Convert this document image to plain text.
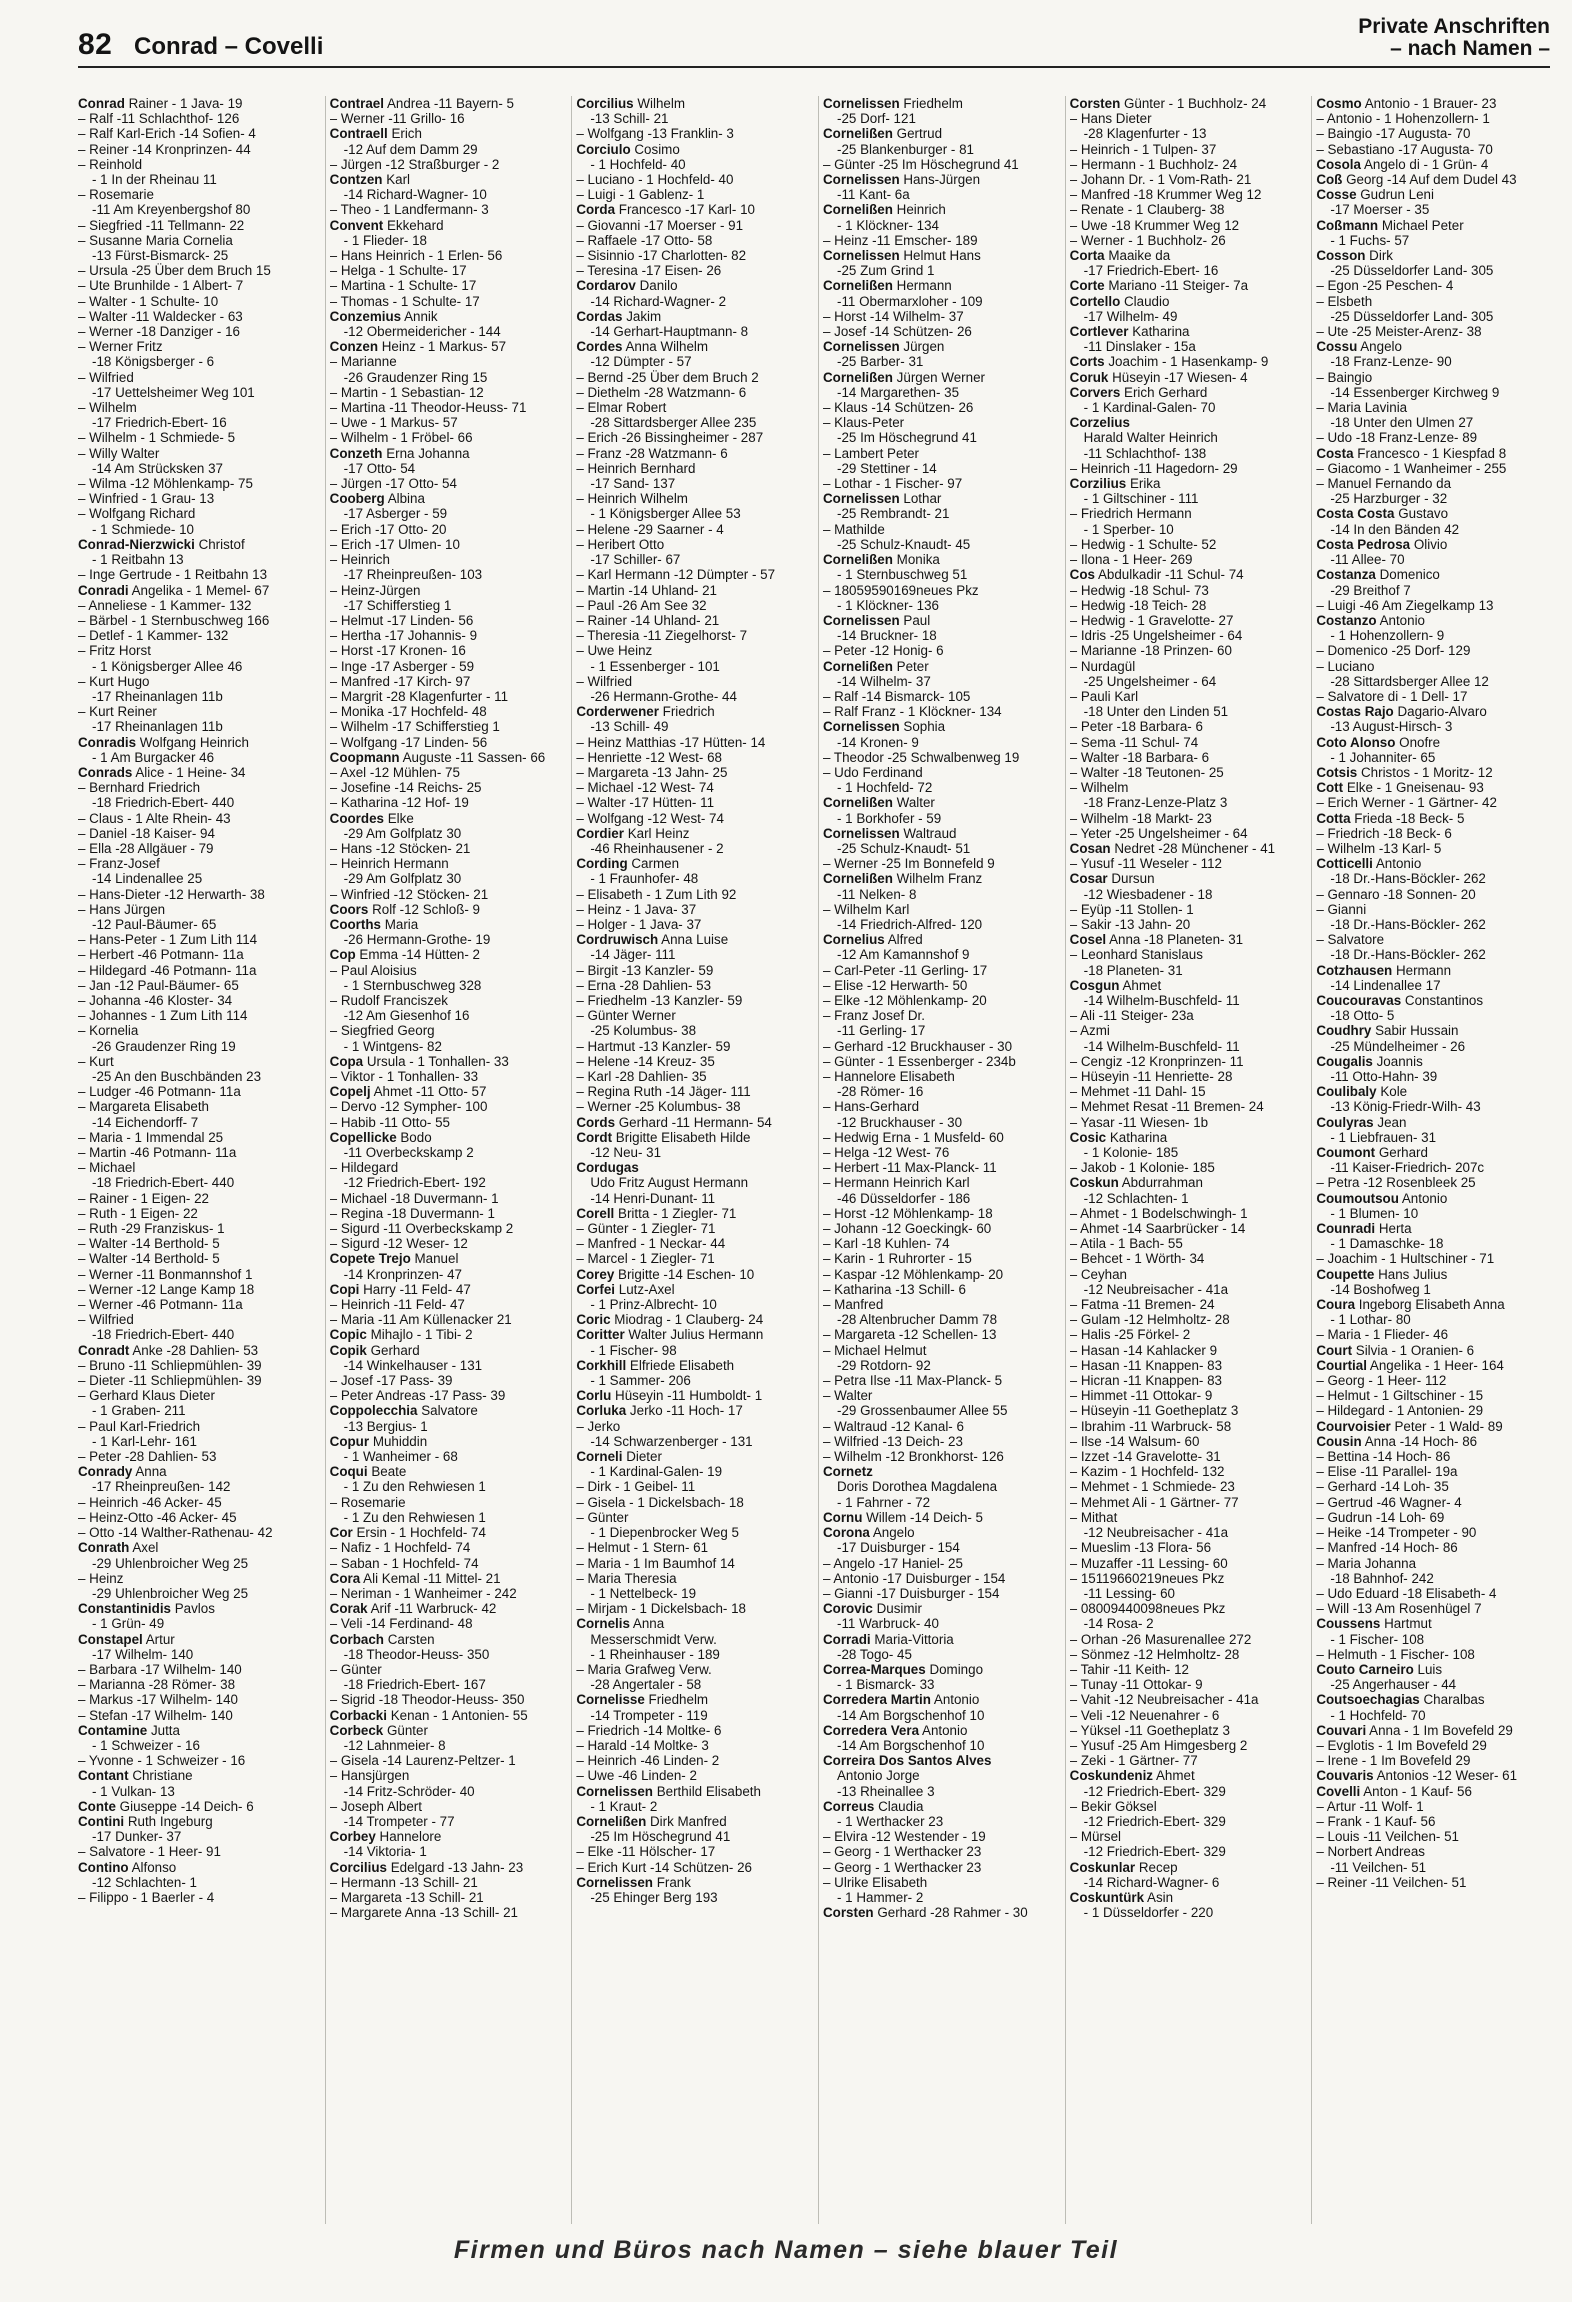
82 Conrad – Covelli
Private Anschriften
– nach Namen –
Conrad Rainer - 1 Java- 19
– Ralf -11 Schlachthof- 126
– Ralf Karl-Erich -14 Sofien- 4
– Reiner -14 Kronprinzen- 44
– Reinhold
- 1 In der Rheinau 11
– Rosemarie
-11 Am Kreyenbergshof 80
– Siegfried -11 Tellmann- 22
– Susanne Maria Cornelia
-13 Fürst-Bismarck- 25
– Ursula -25 Über dem Bruch 15
– Ute Brunhilde - 1 Albert- 7
– Walter - 1 Schulte- 10
– Walter -11 Waldecker - 63
– Werner -18 Danziger - 16
– Werner Fritz
-18 Königsberger - 6
– Wilfried
-17 Uettelsheimer Weg 101
– Wilhelm
-17 Friedrich-Ebert- 16
– Wilhelm - 1 Schmiede- 5
– Willy Walter
-14 Am Strücksken 37
– Wilma -12 Möhlenkamp- 75
– Winfried - 1 Grau- 13
– Wolfgang Richard
- 1 Schmiede- 10
Conrad-Nierzwicki Christof
- 1 Reitbahn 13
– Inge Gertrude - 1 Reitbahn 13
Conradi Angelika - 1 Memel- 67
– Anneliese - 1 Kammer- 132
– Bärbel - 1 Sternbuschweg 166
– Detlef - 1 Kammer- 132
– Fritz Horst
- 1 Königsberger Allee 46
– Kurt Hugo
-17 Rheinanlagen 11b
– Kurt Reiner
-17 Rheinanlagen 11b
Conradis Wolfgang Heinrich
- 1 Am Burgacker 46
Conrads Alice - 1 Heine- 34
– Bernhard Friedrich
-18 Friedrich-Ebert- 440
– Claus - 1 Alte Rhein- 43
– Daniel -18 Kaiser- 94
– Ella -28 Allgäuer - 79
– Franz-Josef
-14 Lindenallee 25
– Hans-Dieter -12 Herwarth- 38
– Hans Jürgen
-12 Paul-Bäumer- 65
– Hans-Peter - 1 Zum Lith 114
– Herbert -46 Potmann- 11a
– Hildegard -46 Potmann- 11a
– Jan -12 Paul-Bäumer- 65
– Johanna -46 Kloster- 34
– Johannes - 1 Zum Lith 114
– Kornelia
-26 Graudenzer Ring 19
– Kurt
-25 An den Buschbänden 23
– Ludger -46 Potmann- 11a
– Margareta Elisabeth
-14 Eichendorff- 7
– Maria - 1 Immendal 25
– Martin -46 Potmann- 11a
– Michael
-18 Friedrich-Ebert- 440
– Rainer - 1 Eigen- 22
– Ruth - 1 Eigen- 22
– Ruth -29 Franziskus- 1
– Walter -14 Berthold- 5
– Walter -14 Berthold- 5
– Werner -11 Bonmannshof 1
– Werner -12 Lange Kamp 18
– Werner -46 Potmann- 11a
– Wilfried
-18 Friedrich-Ebert- 440
Conradt Anke -28 Dahlien- 53
– Bruno -11 Schliepmühlen- 39
– Dieter -11 Schliepmühlen- 39
– Gerhard Klaus Dieter
- 1 Graben- 211
– Paul Karl-Friedrich
- 1 Karl-Lehr- 161
– Peter -28 Dahlien- 53
Conrady Anna
-17 Rheinpreußen- 142
– Heinrich -46 Acker- 45
– Heinz-Otto -46 Acker- 45
– Otto -14 Walther-Rathenau- 42
Conrath Axel
-29 Uhlenbroicher Weg 25
– Heinz
-29 Uhlenbroicher Weg 25
Constantinidis Pavlos
- 1 Grün- 49
Constapel Artur
-17 Wilhelm- 140
– Barbara -17 Wilhelm- 140
– Marianna -28 Römer- 38
– Markus -17 Wilhelm- 140
– Stefan -17 Wilhelm- 140
Contamine Jutta
- 1 Schweizer - 16
– Yvonne - 1 Schweizer - 16
Contant Christiane
- 1 Vulkan- 13
Conte Giuseppe -14 Deich- 6
Contini Ruth Ingeburg
-17 Dunker- 37
– Salvatore - 1 Heer- 91
Contino Alfonso
-12 Schlachten- 1
– Filippo - 1 Baerler - 4
Contrael Andrea -11 Bayern- 5
– Werner -11 Grillo- 16
Contraell Erich
-12 Auf dem Damm 29
– Jürgen -12 Straßburger - 2
Contzen Karl
-14 Richard-Wagner- 10
– Theo - 1 Landfermann- 3
Convent Ekkehard
- 1 Flieder- 18
– Hans Heinrich - 1 Erlen- 56
– Helga - 1 Schulte- 17
– Martina - 1 Schulte- 17
– Thomas - 1 Schulte- 17
Conzemius Annik
-12 Obermeidericher - 144
Conzen Heinz - 1 Markus- 57
– Marianne
-26 Graudenzer Ring 15
– Martin - 1 Sebastian- 12
– Martina -11 Theodor-Heuss- 71
– Uwe - 1 Markus- 57
– Wilhelm - 1 Fröbel- 66
Conzeth Erna Johanna
-17 Otto- 54
– Jürgen -17 Otto- 54
Cooberg Albina
-17 Asberger - 59
– Erich -17 Otto- 20
– Erich -17 Ulmen- 10
– Heinrich
-17 Rheinpreußen- 103
– Heinz-Jürgen
-17 Schifferstieg 1
– Helmut -17 Linden- 56
– Hertha -17 Johannis- 9
– Horst -17 Kronen- 16
– Inge -17 Asberger - 59
– Manfred -17 Kirch- 97
– Margrit -28 Klagenfurter - 11
– Monika -17 Hochfeld- 48
– Wilhelm -17 Schifferstieg 1
– Wolfgang -17 Linden- 56
Coopmann Auguste -11 Sassen- 66
– Axel -12 Mühlen- 75
– Josefine -14 Reichs- 25
– Katharina -12 Hof- 19
Coordes Elke
-29 Am Golfplatz 30
– Hans -12 Stöcken- 21
– Heinrich Hermann
-29 Am Golfplatz 30
– Winfried -12 Stöcken- 21
Coors Rolf -12 Schloß- 9
Coorths Maria
-26 Hermann-Grothe- 19
Cop Emma -14 Hütten- 2
– Paul Aloisius
- 1 Sternbuschweg 328
– Rudolf Franciszek
-12 Am Giesenhof 16
– Siegfried Georg
- 1 Wintgens- 82
Copa Ursula - 1 Tonhallen- 33
– Viktor - 1 Tonhallen- 33
Copelj Ahmet -11 Otto- 57
– Dervo -12 Sympher- 100
– Habib -11 Otto- 55
Copellicke Bodo
-11 Overbeckskamp 2
– Hildegard
-12 Friedrich-Ebert- 192
– Michael -18 Duvermann- 1
– Regina -18 Duvermann- 1
– Sigurd -11 Overbeckskamp 2
– Sigurd -12 Weser- 12
Copete Trejo Manuel
-14 Kronprinzen- 47
Copi Harry -11 Feld- 47
– Heinrich -11 Feld- 47
– Maria -11 Am Küllenacker 21
Copic Mihajlo - 1 Tibi- 2
Copik Gerhard
-14 Winkelhauser - 131
– Josef -17 Pass- 39
– Peter Andreas -17 Pass- 39
Coppolecchia Salvatore
-13 Bergius- 1
Copur Muhiddin
- 1 Wanheimer - 68
Coqui Beate
- 1 Zu den Rehwiesen 1
– Rosemarie
- 1 Zu den Rehwiesen 1
Cor Ersin - 1 Hochfeld- 74
– Nafiz - 1 Hochfeld- 74
– Saban - 1 Hochfeld- 74
Cora Ali Kemal -11 Mittel- 21
– Neriman - 1 Wanheimer - 242
Corak Arif -11 Warbruck- 42
– Veli -14 Ferdinand- 48
Corbach Carsten
-18 Theodor-Heuss- 350
– Günter
-18 Friedrich-Ebert- 167
– Sigrid -18 Theodor-Heuss- 350
Corbacki Kenan - 1 Antonien- 55
Corbeck Günter
-12 Lahnmeier- 8
– Gisela -14 Laurenz-Peltzer- 1
– Hansjürgen
-14 Fritz-Schröder- 40
– Joseph Albert
-14 Trompeter - 77
Corbey Hannelore
-14 Viktoria- 1
Corcilius Edelgard -13 Jahn- 23
– Hermann -13 Schill- 21
– Margareta -13 Schill- 21
– Margarete Anna -13 Schill- 21
Corcilius Wilhelm
-13 Schill- 21
– Wolfgang -13 Franklin- 3
Corciulo Cosimo
- 1 Hochfeld- 40
– Luciano - 1 Hochfeld- 40
– Luigi - 1 Gablenz- 1
Corda Francesco -17 Karl- 10
– Giovanni -17 Moerser - 91
– Raffaele -17 Otto- 58
– Sisinnio -17 Charlotten- 82
– Teresina -17 Eisen- 26
Cordarov Danilo
-14 Richard-Wagner- 2
Cordas Jakim
-14 Gerhart-Hauptmann- 8
Cordes Anna Wilhelm
-12 Dümpter - 57
– Bernd -25 Über dem Bruch 2
– Diethelm -28 Watzmann- 6
– Elmar Robert
-28 Sittardsberger Allee 235
– Erich -26 Bissingheimer - 287
– Franz -28 Watzmann- 6
– Heinrich Bernhard
-17 Sand- 137
– Heinrich Wilhelm
- 1 Königsberger Allee 53
– Helene -29 Saarner - 4
– Heribert Otto
-17 Schiller- 67
– Karl Hermann -12 Dümpter - 57
– Martin -14 Uhland- 21
– Paul -26 Am See 32
– Rainer -14 Uhland- 21
– Theresia -11 Ziegelhorst- 7
– Uwe Heinz
- 1 Essenberger - 101
– Wilfried
-26 Hermann-Grothe- 44
Corderwener Friedrich
-13 Schill- 49
– Heinz Matthias -17 Hütten- 14
– Henriette -12 West- 68
– Margareta -13 Jahn- 25
– Michael -12 West- 74
– Walter -17 Hütten- 11
– Wolfgang -12 West- 74
Cordier Karl Heinz
-46 Rheinhausener - 2
Cording Carmen
- 1 Fraunhofer- 48
– Elisabeth - 1 Zum Lith 92
– Heinz - 1 Java- 37
– Holger - 1 Java- 37
Cordruwisch Anna Luise
-14 Jäger- 111
– Birgit -13 Kanzler- 59
– Erna -28 Dahlien- 53
– Friedhelm -13 Kanzler- 59
– Günter Werner
-25 Kolumbus- 38
– Hartmut -13 Kanzler- 59
– Helene -14 Kreuz- 35
– Karl -28 Dahlien- 35
– Regina Ruth -14 Jäger- 111
– Werner -25 Kolumbus- 38
Cords Gerhard -11 Hermann- 54
Cordt Brigitte Elisabeth Hilde
-12 Neu- 31
Cordugas
Udo Fritz August Hermann
-14 Henri-Dunant- 11
Corell Britta - 1 Ziegler- 71
– Günter - 1 Ziegler- 71
– Manfred - 1 Neckar- 44
– Marcel - 1 Ziegler- 71
Corey Brigitte -14 Eschen- 10
Corfei Lutz-Axel
- 1 Prinz-Albrecht- 10
Coric Miodrag - 1 Clauberg- 24
Coritter Walter Julius Hermann
- 1 Fischer- 98
Corkhill Elfriede Elisabeth
- 1 Sammer- 206
Corlu Hüseyin -11 Humboldt- 1
Corluka Jerko -11 Hoch- 17
– Jerko
-14 Schwarzenberger - 131
Corneli Dieter
- 1 Kardinal-Galen- 19
– Dirk - 1 Geibel- 11
– Gisela - 1 Dickelsbach- 18
– Günter
- 1 Diepenbrocker Weg 5
– Helmut - 1 Stern- 61
– Maria - 1 Im Baumhof 14
– Maria Theresia
- 1 Nettelbeck- 19
– Mirjam - 1 Dickelsbach- 18
Cornelis Anna
Messerschmidt Verw.
- 1 Rheinhauser - 189
– Maria Grafweg Verw.
-28 Angertaler - 58
Cornelisse Friedhelm
-14 Trompeter - 119
– Friedrich -14 Moltke- 6
– Harald -14 Moltke- 3
– Heinrich -46 Linden- 2
– Uwe -46 Linden- 2
Cornelissen Berthild Elisabeth
- 1 Kraut- 2
Cornelißen Dirk Manfred
-25 Im Höschegrund 41
– Elke -11 Hölscher- 17
– Erich Kurt -14 Schützen- 26
Cornelissen Frank
-25 Ehinger Berg 193
Cornelissen Friedhelm
-25 Dorf- 121
Cornelißen Gertrud
-25 Blankenburger - 81
– Günter -25 Im Höschegrund 41
Cornelissen Hans-Jürgen
-11 Kant- 6a
Cornelißen Heinrich
- 1 Klöckner- 134
– Heinz -11 Emscher- 189
Cornelissen Helmut Hans
-25 Zum Grind 1
Cornelißen Hermann
-11 Obermarxloher - 109
– Horst -14 Wilhelm- 37
– Josef -14 Schützen- 26
Cornelissen Jürgen
-25 Barber- 31
Cornelißen Jürgen Werner
-14 Margarethen- 35
– Klaus -14 Schützen- 26
– Klaus-Peter
-25 Im Höschegrund 41
– Lambert Peter
-29 Stettiner - 14
– Lothar - 1 Fischer- 97
Cornelissen Lothar
-25 Rembrandt- 21
– Mathilde
-25 Schulz-Knaudt- 45
Cornelißen Monika
- 1 Sternbuschweg 51
– 18059590169neues Pkz
- 1 Klöckner- 136
Cornelissen Paul
-14 Bruckner- 18
– Peter -12 Honig- 6
Cornelißen Peter
-14 Wilhelm- 37
– Ralf -14 Bismarck- 105
– Ralf Franz - 1 Klöckner- 134
Cornelissen Sophia
-14 Kronen- 9
– Theodor -25 Schwalbenweg 19
– Udo Ferdinand
- 1 Hochfeld- 72
Cornelißen Walter
- 1 Borkhofer - 59
Cornelissen Waltraud
-25 Schulz-Knaudt- 51
– Werner -25 Im Bonnefeld 9
Cornelißen Wilhelm Franz
-11 Nelken- 8
– Wilhelm Karl
-14 Friedrich-Alfred- 120
Cornelius Alfred
-12 Am Kamannshof 9
– Carl-Peter -11 Gerling- 17
– Elise -12 Herwarth- 50
– Elke -12 Möhlenkamp- 20
– Franz Josef Dr.
-11 Gerling- 17
– Gerhard -12 Bruckhauser - 30
– Günter - 1 Essenberger - 234b
– Hannelore Elisabeth
-28 Römer- 16
– Hans-Gerhard
-12 Bruckhauser - 30
– Hedwig Erna - 1 Musfeld- 60
– Helga -12 West- 76
– Herbert -11 Max-Planck- 11
– Hermann Heinrich Karl
-46 Düsseldorfer - 186
– Horst -12 Möhlenkamp- 18
– Johann -12 Goeckingk- 60
– Karl -18 Kuhlen- 74
– Karin - 1 Ruhrorter - 15
– Kaspar -12 Möhlenkamp- 20
– Katharina -13 Schill- 6
– Manfred
-28 Altenbrucher Damm 78
– Margareta -12 Schellen- 13
– Michael Helmut
-29 Rotdorn- 92
– Petra Ilse -11 Max-Planck- 5
– Walter
-29 Grossenbaumer Allee 55
– Waltraud -12 Kanal- 6
– Wilfried -13 Deich- 23
– Wilhelm -12 Bronkhorst- 126
Cornetz
Doris Dorothea Magdalena
- 1 Fahrner - 72
Cornu Willem -14 Deich- 5
Corona Angelo
-17 Duisburger - 154
– Angelo -17 Haniel- 25
– Antonio -17 Duisburger - 154
– Gianni -17 Duisburger - 154
Corovic Dusimir
-11 Warbruck- 40
Corradi Maria-Vittoria
-28 Togo- 45
Correa-Marques Domingo
- 1 Bismarck- 33
Corredera Martin Antonio
-14 Am Borgschenhof 10
Corredera Vera Antonio
-14 Am Borgschenhof 10
Correira Dos Santos Alves
Antonio Jorge
-13 Rheinallee 3
Correus Claudia
- 1 Werthacker 23
– Elvira -12 Westender - 19
– Georg - 1 Werthacker 23
– Georg - 1 Werthacker 23
– Ulrike Elisabeth
- 1 Hammer- 2
Corsten Gerhard -28 Rahmer - 30
Corsten Günter - 1 Buchholz- 24
– Hans Dieter
-28 Klagenfurter - 13
– Heinrich - 1 Tulpen- 37
– Hermann - 1 Buchholz- 24
– Johann Dr. - 1 Vom-Rath- 21
– Manfred -18 Krummer Weg 12
– Renate - 1 Clauberg- 38
– Uwe -18 Krummer Weg 12
– Werner - 1 Buchholz- 26
Corta Maaike da
-17 Friedrich-Ebert- 16
Corte Mariano -11 Steiger- 7a
Cortello Claudio
-17 Wilhelm- 49
Cortlever Katharina
-11 Dinslaker - 15a
Corts Joachim - 1 Hasenkamp- 9
Coruk Hüseyin -17 Wiesen- 4
Corvers Erich Gerhard
- 1 Kardinal-Galen- 70
Corzelius
Harald Walter Heinrich
-11 Schlachthof- 138
– Heinrich -11 Hagedorn- 29
Corzilius Erika
- 1 Giltschiner - 111
– Friedrich Hermann
- 1 Sperber- 10
– Hedwig - 1 Schulte- 52
– Ilona - 1 Heer- 269
Cos Abdulkadir -11 Schul- 74
– Hedwig -18 Schul- 73
– Hedwig -18 Teich- 28
– Hedwig - 1 Gravelotte- 27
– Idris -25 Ungelsheimer - 64
– Marianne -18 Prinzen- 60
– Nurdagül
-25 Ungelsheimer - 64
– Pauli Karl
-18 Unter den Linden 51
– Peter -18 Barbara- 6
– Sema -11 Schul- 74
– Walter -18 Barbara- 6
– Walter -18 Teutonen- 25
– Wilhelm
-18 Franz-Lenze-Platz 3
– Wilhelm -18 Markt- 23
– Yeter -25 Ungelsheimer - 64
Cosan Nedret -28 Münchener - 41
– Yusuf -11 Weseler - 112
Cosar Dursun
-12 Wiesbadener - 18
– Eyüp -11 Stollen- 1
– Sakir -13 Jahn- 20
Cosel Anna -18 Planeten- 31
– Leonhard Stanislaus
-18 Planeten- 31
Cosgun Ahmet
-14 Wilhelm-Buschfeld- 11
– Ali -11 Steiger- 23a
– Azmi
-14 Wilhelm-Buschfeld- 11
– Cengiz -12 Kronprinzen- 11
– Hüseyin -11 Henriette- 28
– Mehmet -11 Dahl- 15
– Mehmet Resat -11 Bremen- 24
– Yasar -11 Wiesen- 1b
Cosic Katharina
- 1 Kolonie- 185
– Jakob - 1 Kolonie- 185
Coskun Abdurrahman
-12 Schlachten- 1
– Ahmet - 1 Bodelschwingh- 1
– Ahmet -14 Saarbrücker - 14
– Atila - 1 Bach- 55
– Behcet - 1 Wörth- 34
– Ceyhan
-12 Neubreisacher - 41a
– Fatma -11 Bremen- 24
– Gulam -12 Helmholtz- 28
– Halis -25 Förkel- 2
– Hasan -14 Kahlacker 9
– Hasan -11 Knappen- 83
– Hicran -11 Knappen- 83
– Himmet -11 Ottokar- 9
– Hüseyin -11 Goetheplatz 3
– Ibrahim -11 Warbruck- 58
– Ilse -14 Walsum- 60
– Izzet -14 Gravelotte- 31
– Kazim - 1 Hochfeld- 132
– Mehmet - 1 Schmiede- 23
– Mehmet Ali - 1 Gärtner- 77
– Mithat
-12 Neubreisacher - 41a
– Mueslim -13 Flora- 56
– Muzaffer -11 Lessing- 60
– 15119660219neues Pkz
-11 Lessing- 60
– 08009440098neues Pkz
-14 Rosa- 2
– Orhan -26 Masurenallee 272
– Sönmez -12 Helmholtz- 28
– Tahir -11 Keith- 12
– Tunay -11 Ottokar- 9
– Vahit -12 Neubreisacher - 41a
– Veli -12 Neuenahrer - 6
– Yüksel -11 Goetheplatz 3
– Yusuf -25 Am Himgesberg 2
– Zeki - 1 Gärtner- 77
Coskundeniz Ahmet
-12 Friedrich-Ebert- 329
– Bekir Göksel
-12 Friedrich-Ebert- 329
– Mürsel
-12 Friedrich-Ebert- 329
Coskunlar Recep
-14 Richard-Wagner- 6
Coskuntürk Asin
- 1 Düsseldorfer - 220
Cosmo Antonio - 1 Brauer- 23
– Antonio - 1 Hohenzollern- 1
– Baingio -17 Augusta- 70
– Sebastiano -17 Augusta- 70
Cosola Angelo di - 1 Grün- 4
Coß Georg -14 Auf dem Dudel 43
Cosse Gudrun Leni
-17 Moerser - 35
Coßmann Michael Peter
- 1 Fuchs- 57
Cosson Dirk
-25 Düsseldorfer Land- 305
– Egon -25 Peschen- 4
– Elsbeth
-25 Düsseldorfer Land- 305
– Ute -25 Meister-Arenz- 38
Cossu Angelo
-18 Franz-Lenze- 90
– Baingio
-14 Essenberger Kirchweg 9
– Maria Lavinia
-18 Unter den Ulmen 27
– Udo -18 Franz-Lenze- 89
Costa Francesco - 1 Kiespfad 8
– Giacomo - 1 Wanheimer - 255
– Manuel Fernando da
-25 Harzburger - 32
Costa Costa Gustavo
-14 In den Bänden 42
Costa Pedrosa Olivio
-11 Allee- 70
Costanza Domenico
-29 Breithof 7
– Luigi -46 Am Ziegelkamp 13
Costanzo Antonio
- 1 Hohenzollern- 9
– Domenico -25 Dorf- 129
– Luciano
-28 Sittardsberger Allee 12
– Salvatore di - 1 Dell- 17
Costas Rajo Dagario-Alvaro
-13 August-Hirsch- 3
Coto Alonso Onofre
- 1 Johanniter- 65
Cotsis Christos - 1 Moritz- 12
Cott Elke - 1 Gneisenau- 93
– Erich Werner - 1 Gärtner- 42
Cotta Frieda -18 Beck- 5
– Friedrich -18 Beck- 6
– Wilhelm -13 Karl- 5
Cotticelli Antonio
-18 Dr.-Hans-Böckler- 262
– Gennaro -18 Sonnen- 20
– Gianni
-18 Dr.-Hans-Böckler- 262
– Salvatore
-18 Dr.-Hans-Böckler- 262
Cotzhausen Hermann
-14 Lindenallee 17
Coucouravas Constantinos
-18 Otto- 5
Coudhry Sabir Hussain
-25 Mündelheimer - 26
Cougalis Joannis
-11 Otto-Hahn- 39
Coulibaly Kole
-13 König-Friedr-Wilh- 43
Coulyras Jean
- 1 Liebfrauen- 31
Coumont Gerhard
-11 Kaiser-Friedrich- 207c
– Petra -12 Rosenbleek 25
Coumoutsou Antonio
- 1 Blumen- 10
Counradi Herta
- 1 Damaschke- 18
– Joachim - 1 Hultschiner - 71
Coupette Hans Julius
-14 Boshofweg 1
Coura Ingeborg Elisabeth Anna
- 1 Lothar- 80
– Maria - 1 Flieder- 46
Court Silvia - 1 Oranien- 6
Courtial Angelika - 1 Heer- 164
– Georg - 1 Heer- 112
– Helmut - 1 Giltschiner - 15
– Hildegard - 1 Antonien- 29
Courvoisier Peter - 1 Wald- 89
Cousin Anna -14 Hoch- 86
– Bettina -14 Hoch- 86
– Elise -11 Parallel- 19a
– Gerhard -14 Loh- 35
– Gertrud -46 Wagner- 4
– Gudrun -14 Loh- 69
– Heike -14 Trompeter - 90
– Manfred -14 Hoch- 86
– Maria Johanna
-18 Bahnhof- 242
– Udo Eduard -18 Elisabeth- 4
– Will -13 Am Rosenhügel 7
Coussens Hartmut
- 1 Fischer- 108
– Helmuth - 1 Fischer- 108
Couto Carneiro Luis
-25 Angerhauser - 44
Coutsoechagias Charalbas
- 1 Hochfeld- 70
Couvari Anna - 1 Im Bovefeld 29
– Evglotis - 1 Im Bovefeld 29
– Irene - 1 Im Bovefeld 29
Couvaris Antonios -12 Weser- 61
Covelli Anton - 1 Kauf- 56
– Artur -11 Wolf- 1
– Frank - 1 Kauf- 56
– Louis -11 Veilchen- 51
– Norbert Andreas
-11 Veilchen- 51
– Reiner -11 Veilchen- 51
Firmen und Büros nach Namen – siehe blauer Teil
